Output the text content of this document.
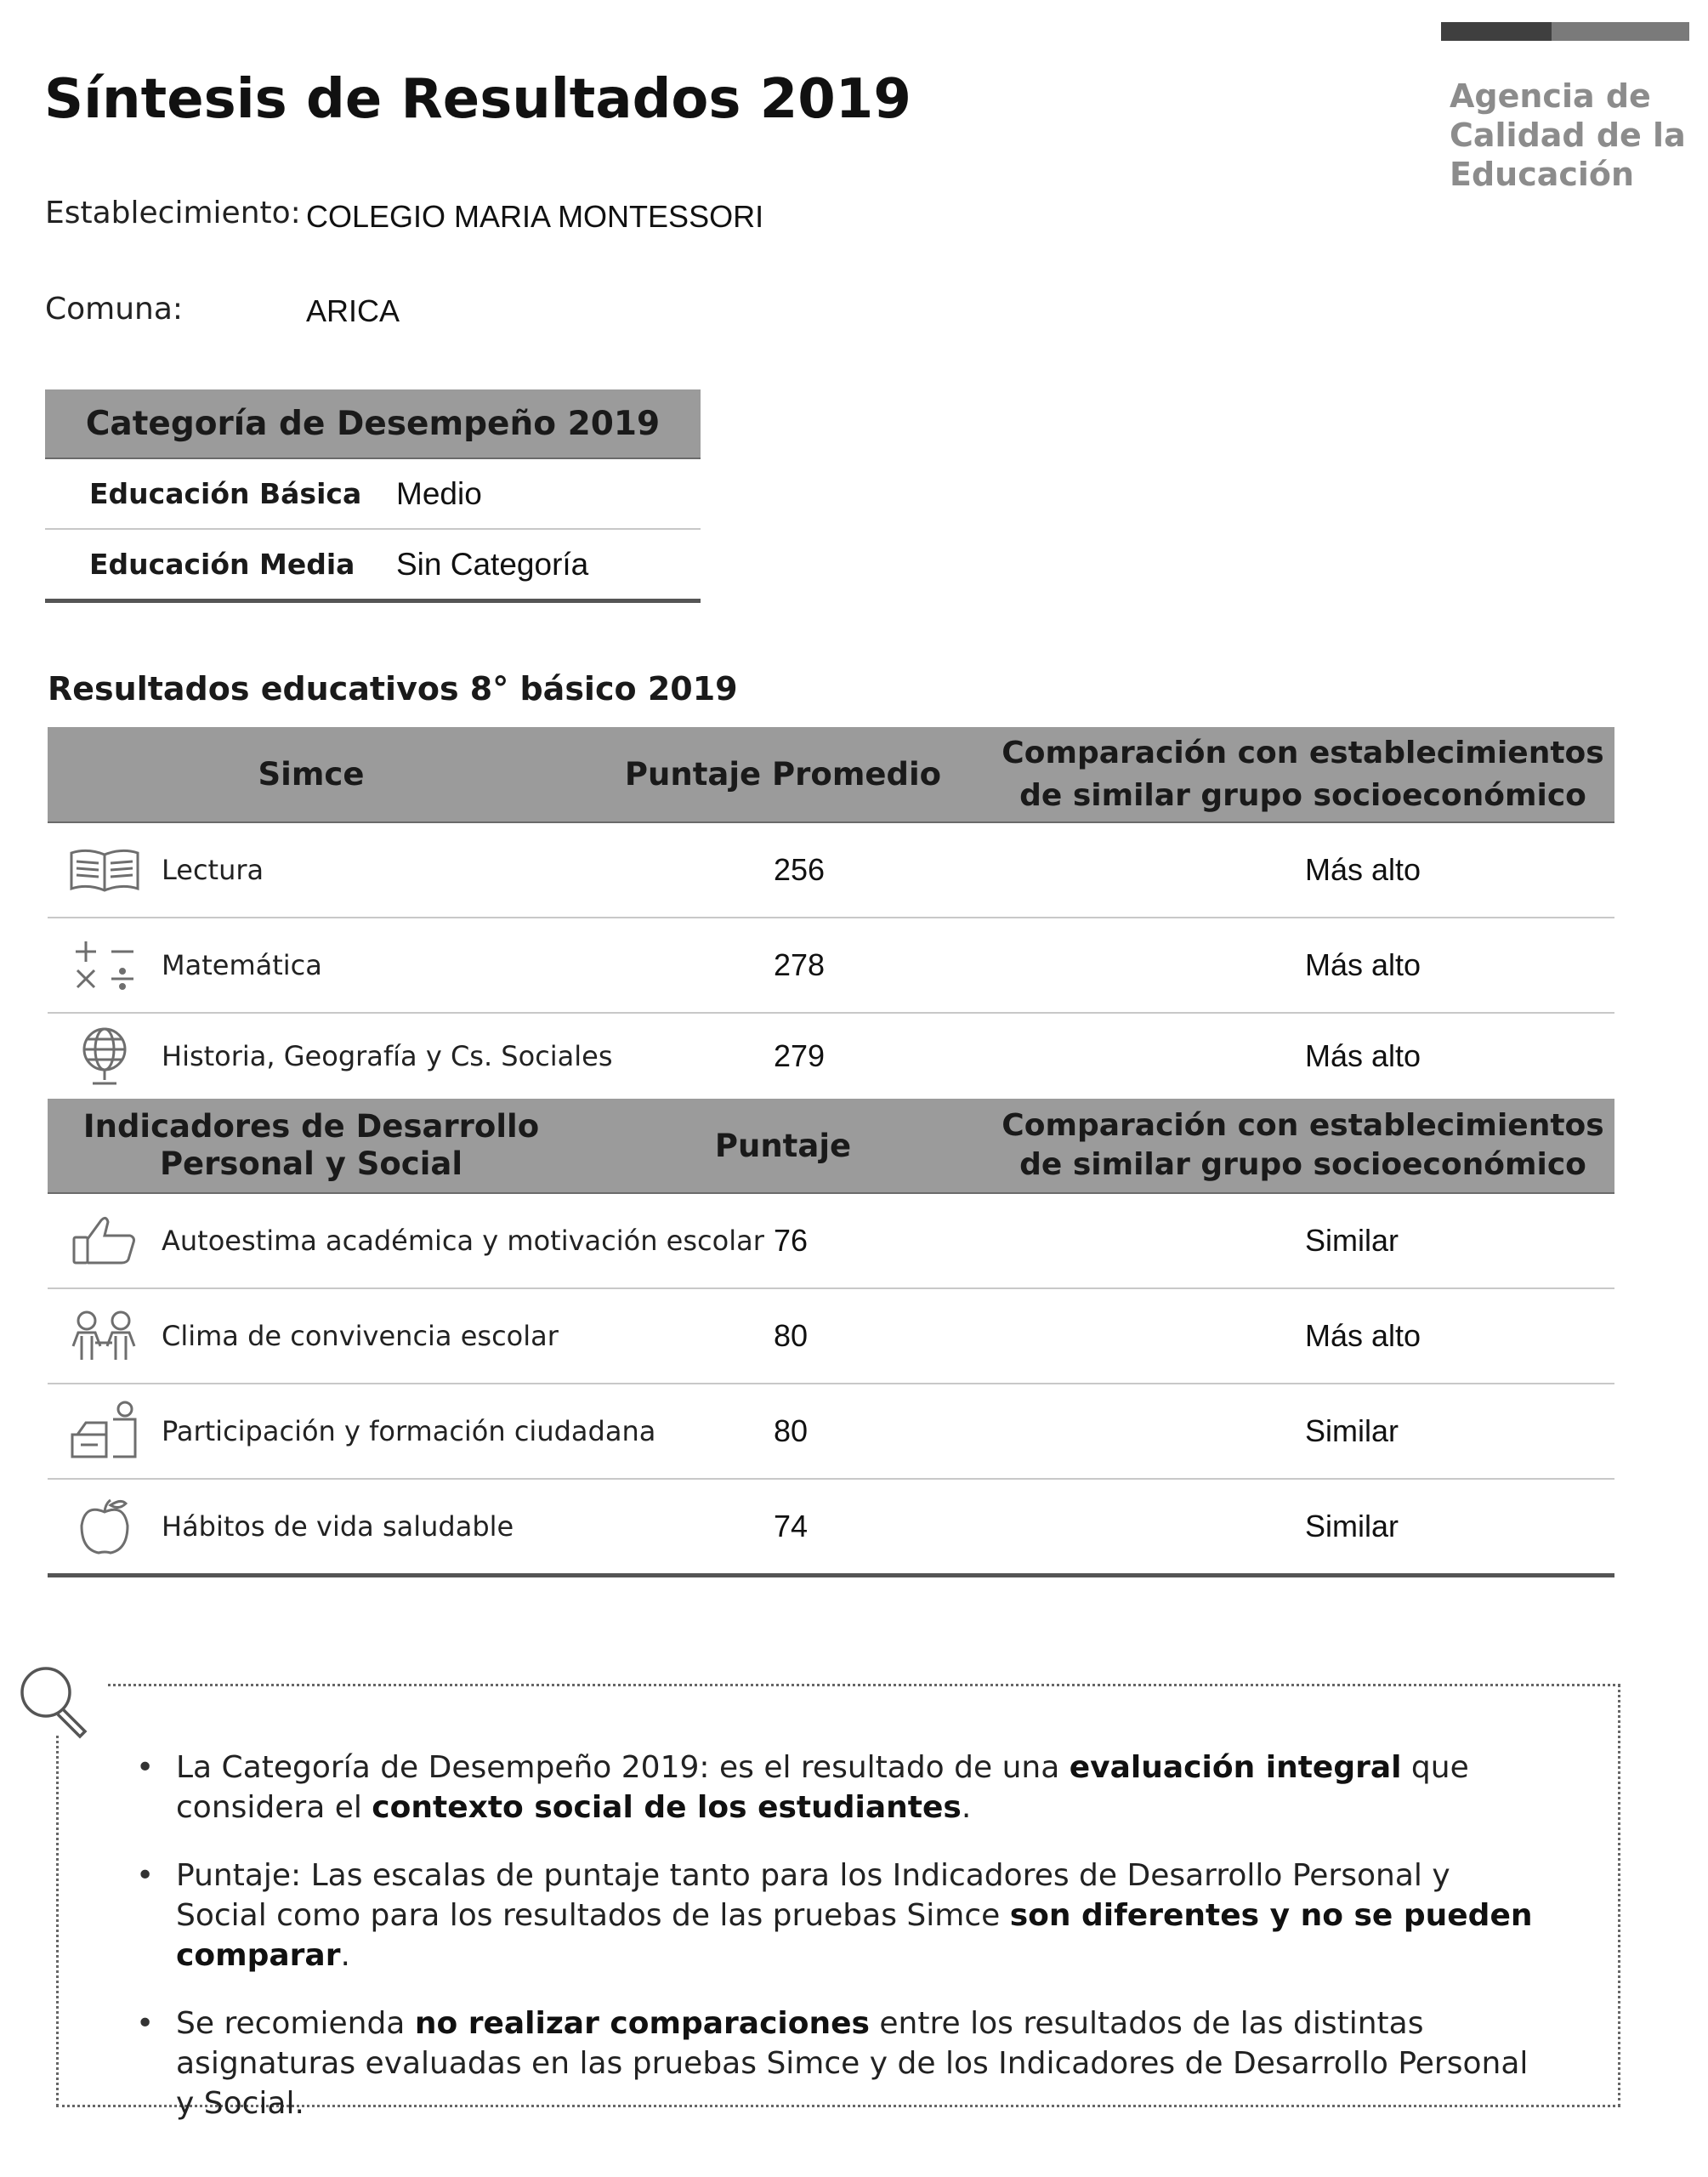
Agencia de
Calidad de la
Educación
Síntesis de Resultados 2019
Establecimiento: COLEGIO MARIA MONTESSORI
Comuna:	ARICA
Categoría de Desempeño 2019
Educación Básica	Medio
Educación Media	Sin Categoría
Resultados educativos 8° básico 2019
Simce	Puntaje Promedio
Comparación con establecimientos de similar grupo socioeconómico
Lectura	256	Más alto
Matemática	278	Más alto
Historia, Geografía y Cs. Sociales	279	Más alto
Indicadores de Desarrollo Personal y Social	Puntaje
Comparación con establecimientos de similar grupo socioeconómico
Autoestima académica y motivación escolar 76	Similar
Clima de convivencia escolar	80	Más alto
Participación y formación ciudadana	80	Similar
Hábitos de vida saludable	74	Similar
• La Categoría de Desempeño 2019: es el resultado de una evaluación integral que considera el contexto social de los estudiantes.
• Puntaje: Las escalas de puntaje tanto para los Indicadores de Desarrollo Personal y Social como para los resultados de las pruebas Simce son diferentes y no se pueden comparar.
• Se recomienda no realizar comparaciones entre los resultados de las distintas asignaturas evaluadas en las pruebas Simce y de los Indicadores de Desarrollo Personal y Social.
